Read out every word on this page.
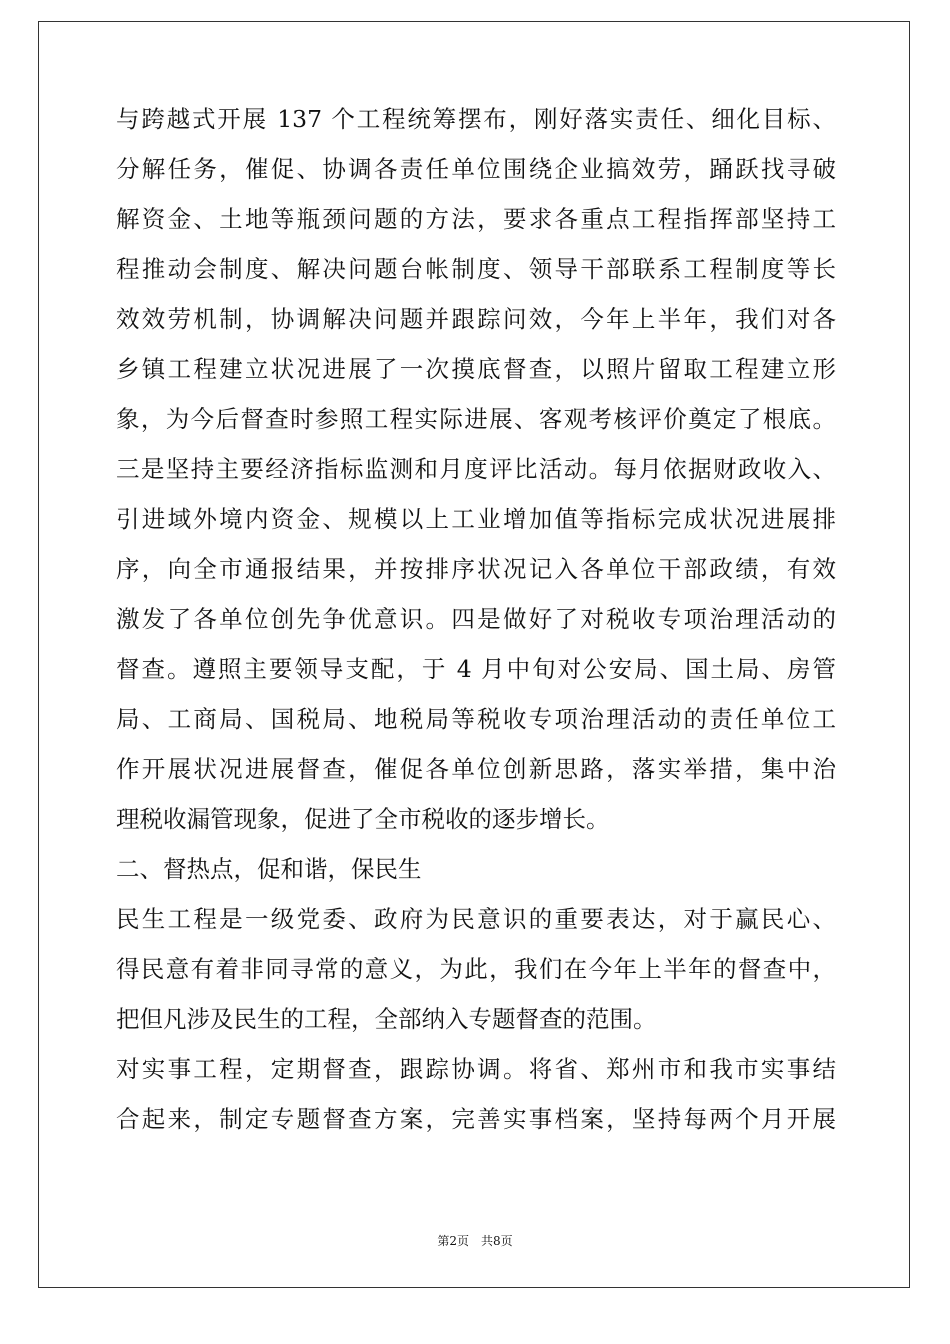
与跨越式开展 137 个工程统筹摆布，刚好落实责任、细化目标、
分解任务，催促、协调各责任单位围绕企业搞效劳，踊跃找寻破
解资金、土地等瓶颈问题的方法，要求各重点工程指挥部坚持工
程推动会制度、解决问题台帐制度、领导干部联系工程制度等长
效效劳机制，协调解决问题并跟踪问效，今年上半年，我们对各
乡镇工程建立状况进展了一次摸底督查，以照片留取工程建立形
象，为今后督查时参照工程实际进展、客观考核评价奠定了根底。
三是坚持主要经济指标监测和月度评比活动。每月依据财政收入、
引进域外境内资金、规模以上工业增加值等指标完成状况进展排
序，向全市通报结果，并按排序状况记入各单位干部政绩，有效
激发了各单位创先争优意识。四是做好了对税收专项治理活动的
督查。遵照主要领导支配，于 4 月中旬对公安局、国土局、房管
局、工商局、国税局、地税局等税收专项治理活动的责任单位工
作开展状况进展督查，催促各单位创新思路，落实举措，集中治
理税收漏管现象，促进了全市税收的逐步增长。
二、督热点，促和谐，保民生
民生工程是一级党委、政府为民意识的重要表达，对于赢民心、
得民意有着非同寻常的意义，为此，我们在今年上半年的督查中，
把但凡涉及民生的工程，全部纳入专题督查的范围。
对实事工程，定期督查，跟踪协调。将省、郑州市和我市实事结
合起来，制定专题督查方案，完善实事档案，坚持每两个月开展
第2页　共8页
